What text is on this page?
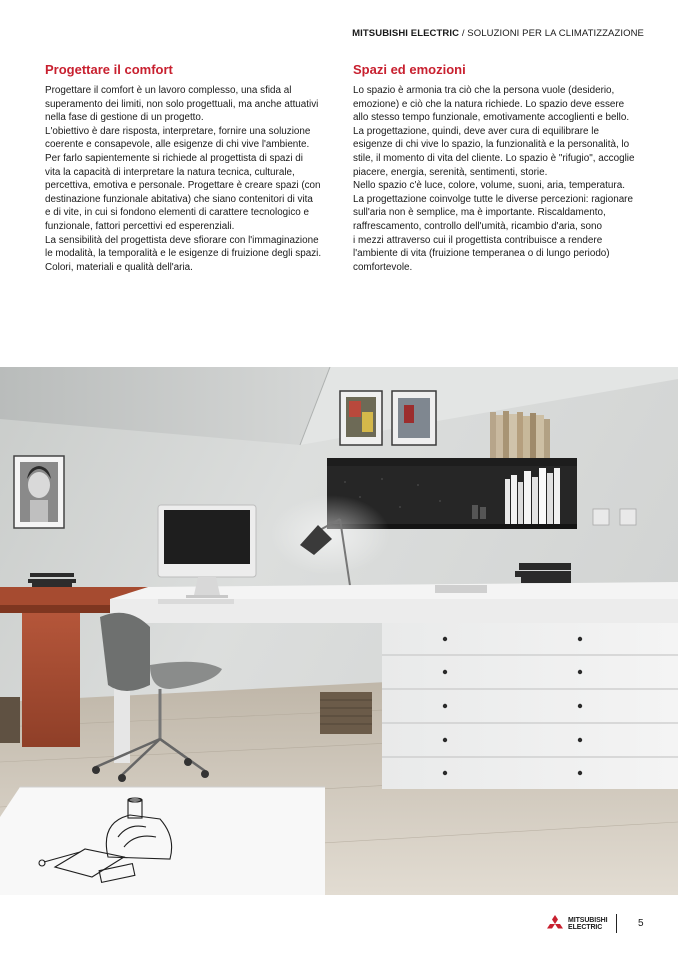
MITSUBISHI ELECTRIC / SOLUZIONI PER LA CLIMATIZZAZIONE
Progettare il comfort

Progettare il comfort è un lavoro complesso, una sfida al
superamento dei limiti, non solo progettuali, ma anche attuativi
nella fase di gestione di un progetto.
L'obiettivo è dare risposta, interpretare, fornire una soluzione
coerente e consapevole, alle esigenze di chi vive l'ambiente.
Per farlo sapientemente si richiede al progettista di spazi di
vita la capacità di interpretare la natura tecnica, culturale,
percettiva, emotiva e personale. Progettare è creare spazi (con
destinazione funzionale abitativa) che siano contenitori di vita
e di vite, in cui si fondono elementi di carattere tecnologico e
funzionale, fattori percettivi ed esperenziali.
La sensibilità del progettista deve sfiorare con l'immaginazione
le modalità, la temporalità e le esigenze di fruizione degli spazi.
Colori, materiali e qualità dell'aria.

Spazi ed emozioni

Lo spazio è armonia tra ciò che la persona vuole (desiderio,
emozione) e ciò che la natura richiede. Lo spazio deve essere
allo stesso tempo funzionale, emotivamente accoglienti e bello.
La progettazione, quindi, deve aver cura di equilibrare le
esigenze di chi vive lo spazio, la funzionalità e la personalità, lo
stile, il momento di vita del cliente. Lo spazio è "rifugio", accoglie
piacere, energia, serenità, sentimenti, storie.
Nello spazio c'è luce, colore, volume, suoni, aria, temperatura.
La progettazione coinvolge tutte le diverse percezioni: ragionare
sull'aria non è semplice, ma è importante. Riscaldamento,
raffrescamento, controllo dell'umità, ricambio d'aria, sono
i mezzi attraverso cui il progettista contribuisce a rendere
l'ambiente di vita (fruizione temperanea o di lungo periodo)
comfortevole.

MITSUBISHI
ELECTRIC	5
